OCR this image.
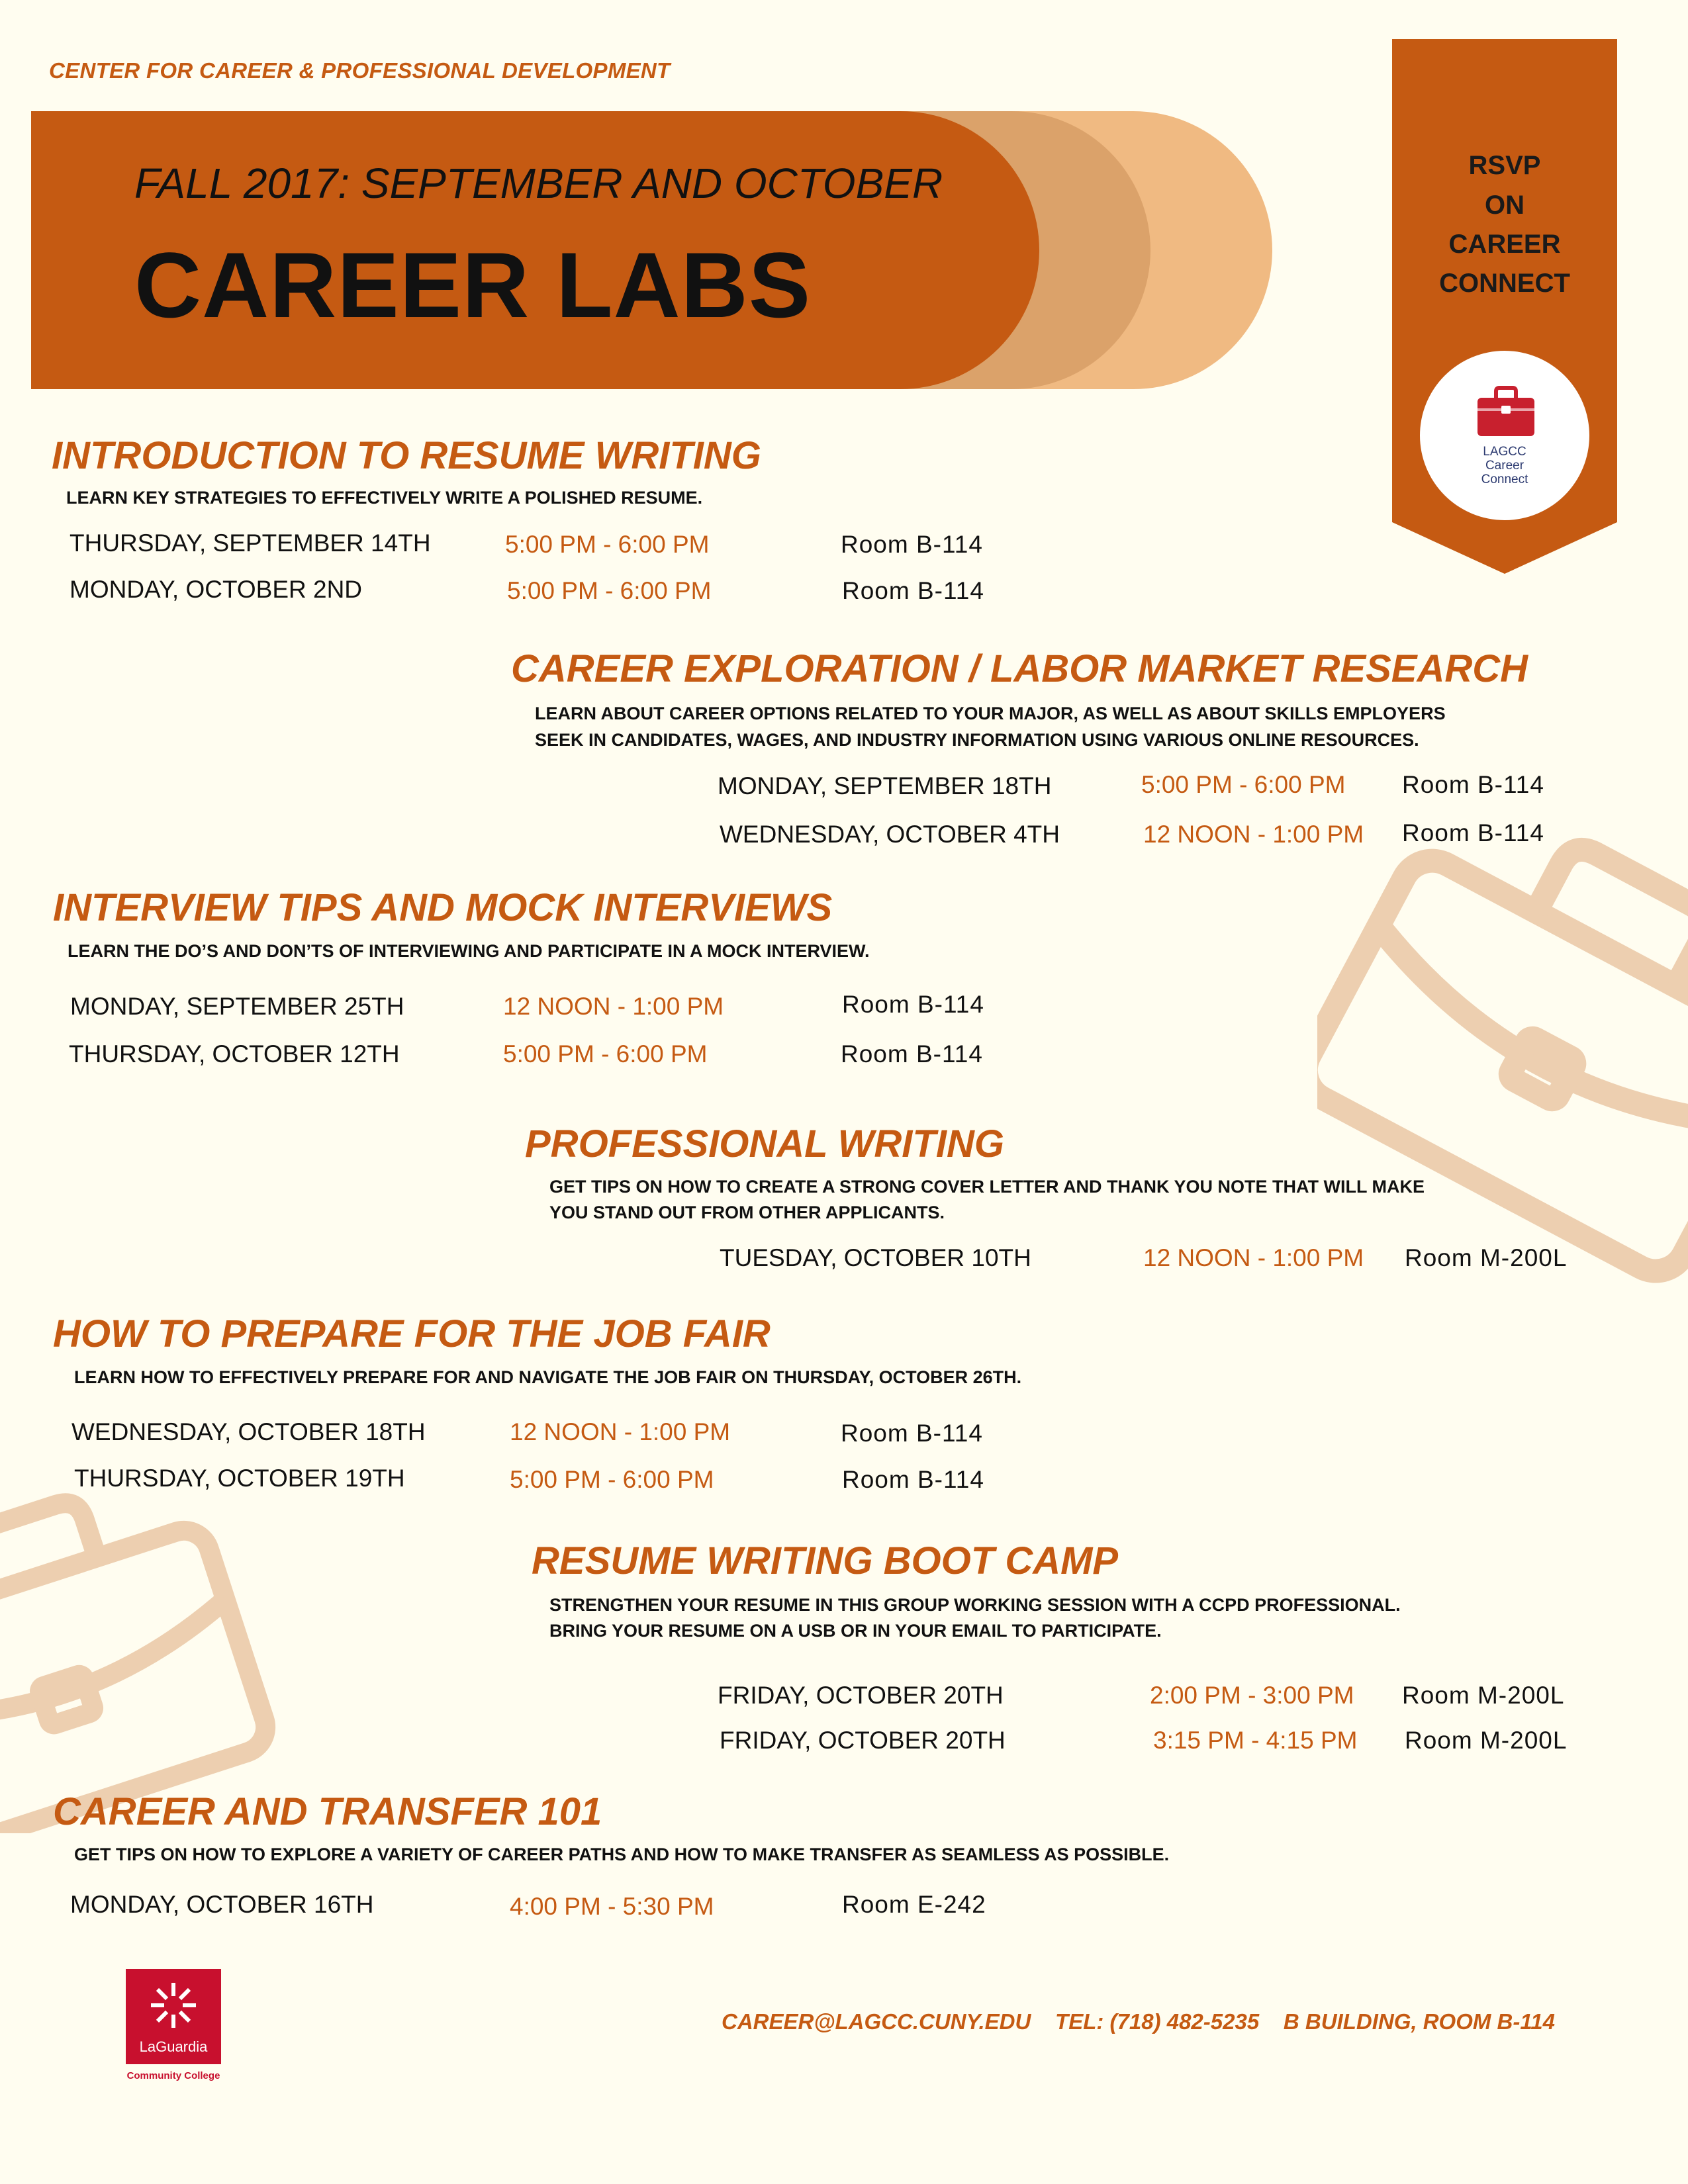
CENTER FOR CAREER & PROFESSIONAL DEVELOPMENT
FALL 2017: SEPTEMBER AND OCTOBER
CAREER LABS
RSVP
ON
CAREER
CONNECT
LAGCC
Career
Connect
INTRODUCTION TO RESUME WRITING
LEARN KEY STRATEGIES TO EFFECTIVELY WRITE A POLISHED RESUME.
THURSDAY, SEPTEMBER 14TH	5:00 PM - 6:00 PM	Room B-114
MONDAY, OCTOBER 2ND	5:00 PM - 6:00 PM	Room B-114
CAREER EXPLORATION / LABOR MARKET RESEARCH
LEARN ABOUT CAREER OPTIONS RELATED TO YOUR MAJOR, AS WELL AS ABOUT SKILLS EMPLOYERS
SEEK IN CANDIDATES, WAGES, AND INDUSTRY INFORMATION USING VARIOUS ONLINE RESOURCES.
MONDAY, SEPTEMBER 18TH	5:00 PM - 6:00 PM Room B-114
WEDNESDAY, OCTOBER 4TH	12 NOON - 1:00 PM Room B-114
INTERVIEW TIPS AND MOCK INTERVIEWS
LEARN THE DO’S AND DON’TS OF INTERVIEWING AND PARTICIPATE IN A MOCK INTERVIEW.
MONDAY, SEPTEMBER 25TH	12 NOON - 1:00 PM	Room B-114
THURSDAY, OCTOBER 12TH	5:00 PM - 6:00 PM	Room B-114
PROFESSIONAL WRITING
GET TIPS ON HOW TO CREATE A STRONG COVER LETTER AND THANK YOU NOTE THAT WILL MAKE
YOU STAND OUT FROM OTHER APPLICANTS.
TUESDAY, OCTOBER 10TH	12 NOON - 1:00 PM Room M-200L
HOW TO PREPARE FOR THE JOB FAIR
LEARN HOW TO EFFECTIVELY PREPARE FOR AND NAVIGATE THE JOB FAIR ON THURSDAY, OCTOBER 26TH.
WEDNESDAY, OCTOBER 18TH	12 NOON - 1:00 PM	Room B-114
THURSDAY, OCTOBER 19TH	5:00 PM - 6:00 PM	Room B-114
RESUME WRITING BOOT CAMP
STRENGTHEN YOUR RESUME IN THIS GROUP WORKING SESSION WITH A CCPD PROFESSIONAL.
BRING YOUR RESUME ON A USB OR IN YOUR EMAIL TO PARTICIPATE.
FRIDAY, OCTOBER 20TH	2:00 PM - 3:00 PM Room M-200L
FRIDAY, OCTOBER 20TH	3:15 PM - 4:15 PM Room M-200L
CAREER AND TRANSFER 101
GET TIPS ON HOW TO EXPLORE A VARIETY OF CAREER PATHS AND HOW TO MAKE TRANSFER AS SEAMLESS AS POSSIBLE.
MONDAY, OCTOBER 16TH	4:00 PM - 5:30 PM	Room E-242
LaGuardia
Community College
CAREER@LAGCC.CUNY.EDU TEL: (718) 482-5235 B BUILDING, ROOM B-114
